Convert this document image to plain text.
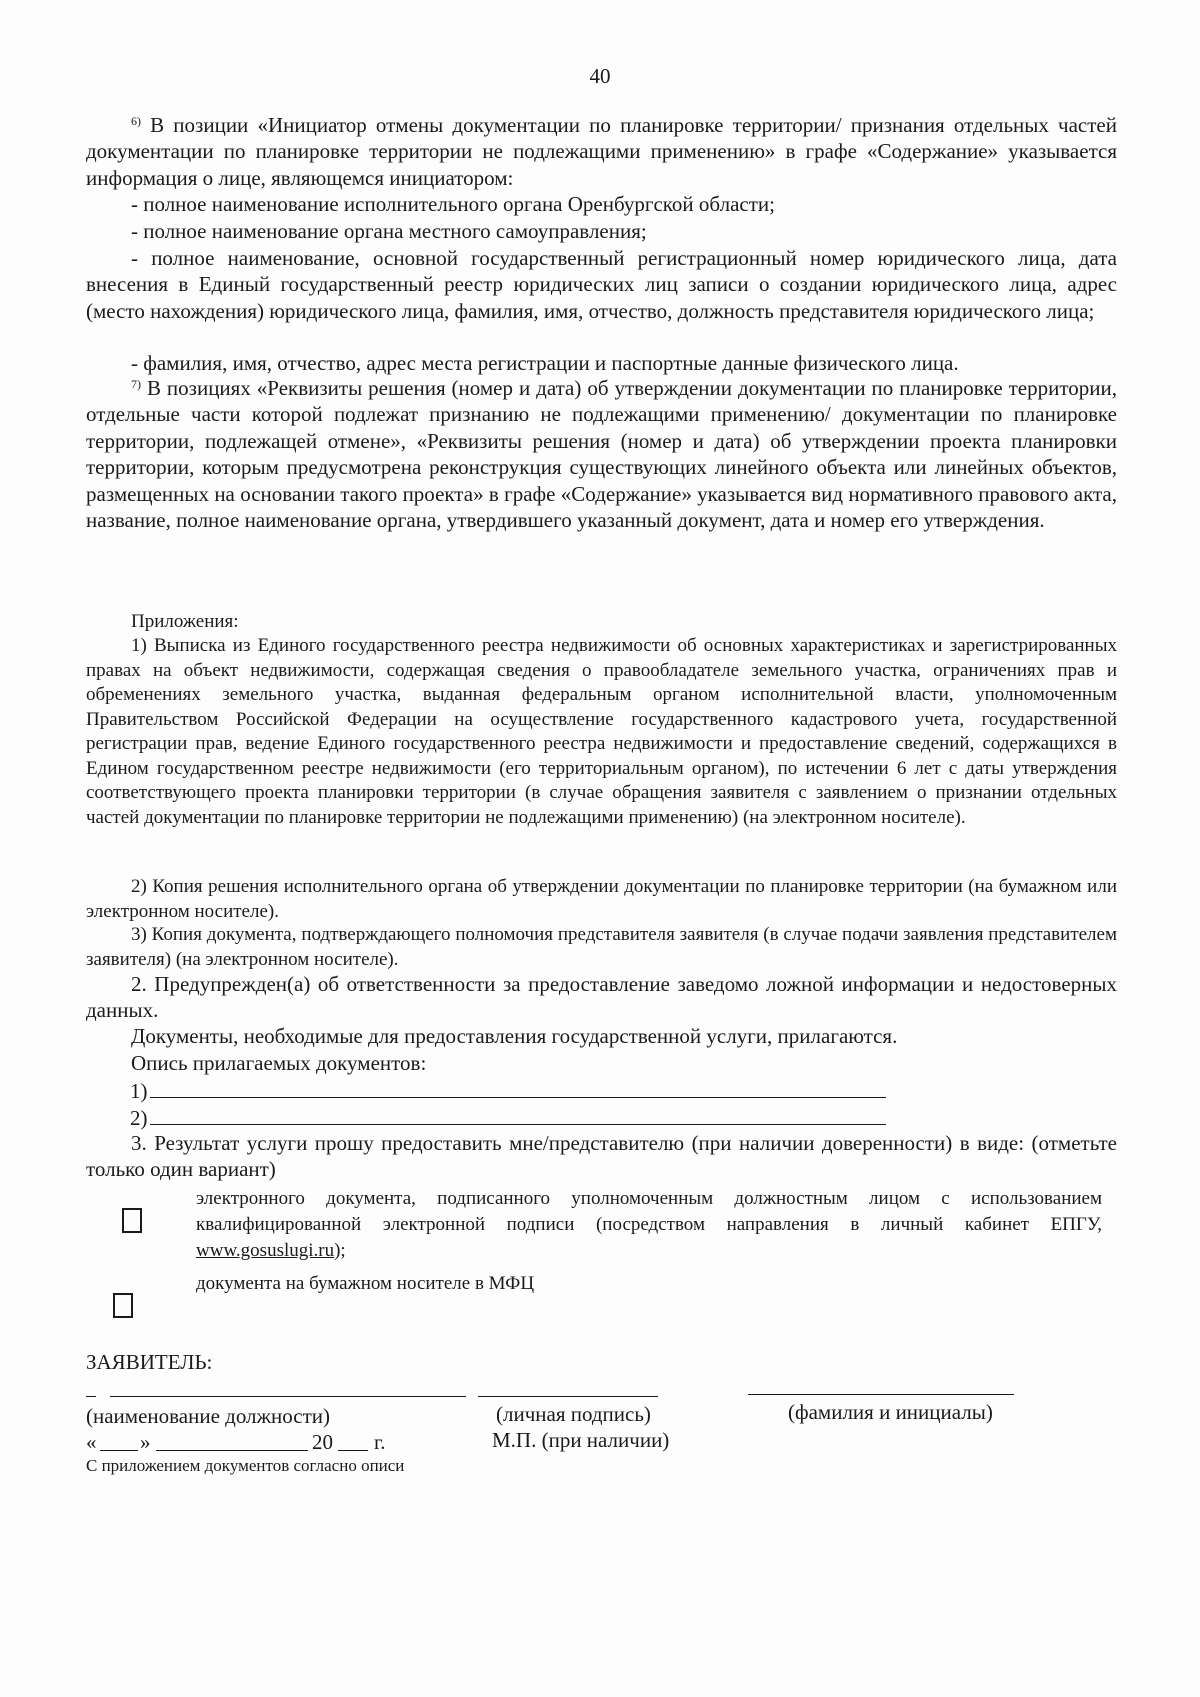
40
$^{6)}$ В позиции «Инициатор отмены документации по планировке территории/ признания отдельных частей документации по планировке территории не подлежащими применению» в графе «Содержание» указывается информация о лице, являющемся инициатором:
- полное наименование исполнительного органа Оренбургской области;
- полное наименование органа местного самоуправления;
- полное наименование, основной государственный регистрационный номер юридического лица, дата внесения в Единый государственный реестр юридических лиц записи о создании юридического лица, адрес (место нахождения) юридического лица, фамилия, имя, отчество, должность представителя юридического лица;
- фамилия, имя, отчество, адрес места регистрации и паспортные данные физического лица.
$^{7)}$ В позициях «Реквизиты решения (номер и дата) об утверждении документации по планировке территории, отдельные части которой подлежат признанию не подлежащими применению/ документации по планировке территории, подлежащей отмене», «Реквизиты решения (номер и дата) об утверждении проекта планировки территории, которым предусмотрена реконструкция существующих линейного объекта или линейных объектов, размещенных на основании такого проекта» в графе «Содержание» указывается вид нормативного правового акта, название, полное наименование органа, утвердившего указанный документ, дата и номер его утверждения.
Приложения:
1) Выписка из Единого государственного реестра недвижимости об основных характеристиках и зарегистрированных правах на объект недвижимости, содержащая сведения о правообладателе земельного участка, ограничениях прав и обременениях земельного участка, выданная федеральным органом исполнительной власти, уполномоченным Правительством Российской Федерации на осуществление государственного кадастрового учета, государственной регистрации прав, ведение Единого государственного реестра недвижимости и предоставление сведений, содержащихся в Едином государственном реестре недвижимости (его территориальным органом), по истечении 6 лет с даты утверждения соответствующего проекта планировки территории (в случае обращения заявителя с заявлением о признании отдельных частей документации по планировке территории не подлежащими применению) (на электронном носителе).
2) Копия решения исполнительного органа об утверждении документации по планировке территории (на бумажном или электронном носителе).
3) Копия документа, подтверждающего полномочия представителя заявителя (в случае подачи заявления представителем заявителя) (на электронном носителе).
2. Предупрежден(а) об ответственности за предоставление заведомо ложной информации и недостоверных данных.
Документы, необходимые для предоставления государственной услуги, прилагаются.
Опись прилагаемых документов:
1)
2)
3. Результат услуги прошу предоставить мне/представителю (при наличии доверенности) в виде: (отметьте только один вариант)
электронного документа, подписанного уполномоченным должностным лицом с использованием квалифицированной электронной подписи (посредством направления в личный кабинет ЕПГУ, www.gosuslugi.ru);
документа на бумажном носителе в МФЦ
ЗАЯВИТЕЛЬ:
(наименование должности)	(личная подпись)	(фамилия и инициалы)
« »	20 г.	М.П. (при наличии)
С приложением документов согласно описи
